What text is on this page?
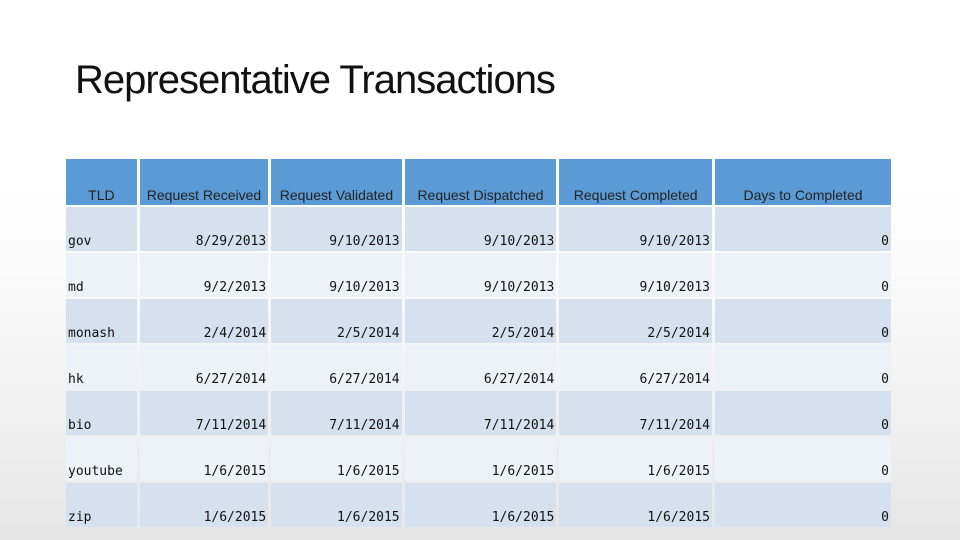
Representative Transactions
TLD	Request Received	Request Validated	Request Dispatched	Request Completed	Days to Completed
gov	8/29/2013	9/10/2013	9/10/2013	9/10/2013	0
md	9/2/2013	9/10/2013	9/10/2013	9/10/2013	0
monash	2/4/2014	2/5/2014	2/5/2014	2/5/2014	0
hk	6/27/2014	6/27/2014	6/27/2014	6/27/2014	0
bio	7/11/2014	7/11/2014	7/11/2014	7/11/2014	0
youtube	1/6/2015	1/6/2015	1/6/2015	1/6/2015	0
zip	1/6/2015	1/6/2015	1/6/2015	1/6/2015	0
